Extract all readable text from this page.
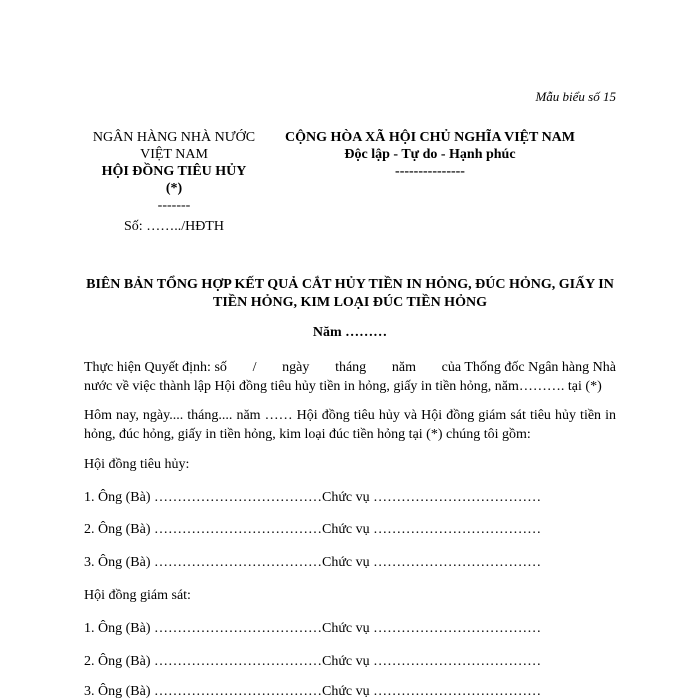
Mẫu biểu số 15
NGÂN HÀNG NHÀ NƯỚC
VIỆT NAM
HỘI ĐỒNG TIÊU HỦY
(*)
-------
CỘNG HÒA XÃ HỘI CHỦ NGHĨA VIỆT NAM
Độc lập - Tự do - Hạnh phúc
---------------
Số: ……../HĐTH
BIÊN BẢN TỔNG HỢP KẾT QUẢ CẮT HỦY TIỀN IN HỎNG, ĐÚC HỎNG, GIẤY IN TIỀN HỎNG, KIM LOẠI ĐÚC TIỀN HỎNG
Năm ………
Thực hiện Quyết định: số / ngày tháng năm của Thống đốc Ngân hàng Nhà
nước về việc thành lập Hội đồng tiêu hủy tiền in hỏng, giấy in tiền hỏng, năm………. tại (*)
Hôm nay, ngày.... tháng.... năm …… Hội đồng tiêu hủy và Hội đồng giám sát tiêu hủy tiền in hỏng, đúc hỏng, giấy in tiền hỏng, kim loại đúc tiền hỏng tại (*) chúng tôi gồm:
Hội đồng tiêu hủy:
1. Ông (Bà) ………………………………Chức vụ ………………………………
2. Ông (Bà) ………………………………Chức vụ ………………………………
3. Ông (Bà) ………………………………Chức vụ ………………………………
Hội đồng giám sát:
1. Ông (Bà) ………………………………Chức vụ ………………………………
2. Ông (Bà) ………………………………Chức vụ ………………………………
3. Ông (Bà) ………………………………Chức vụ ………………………………
